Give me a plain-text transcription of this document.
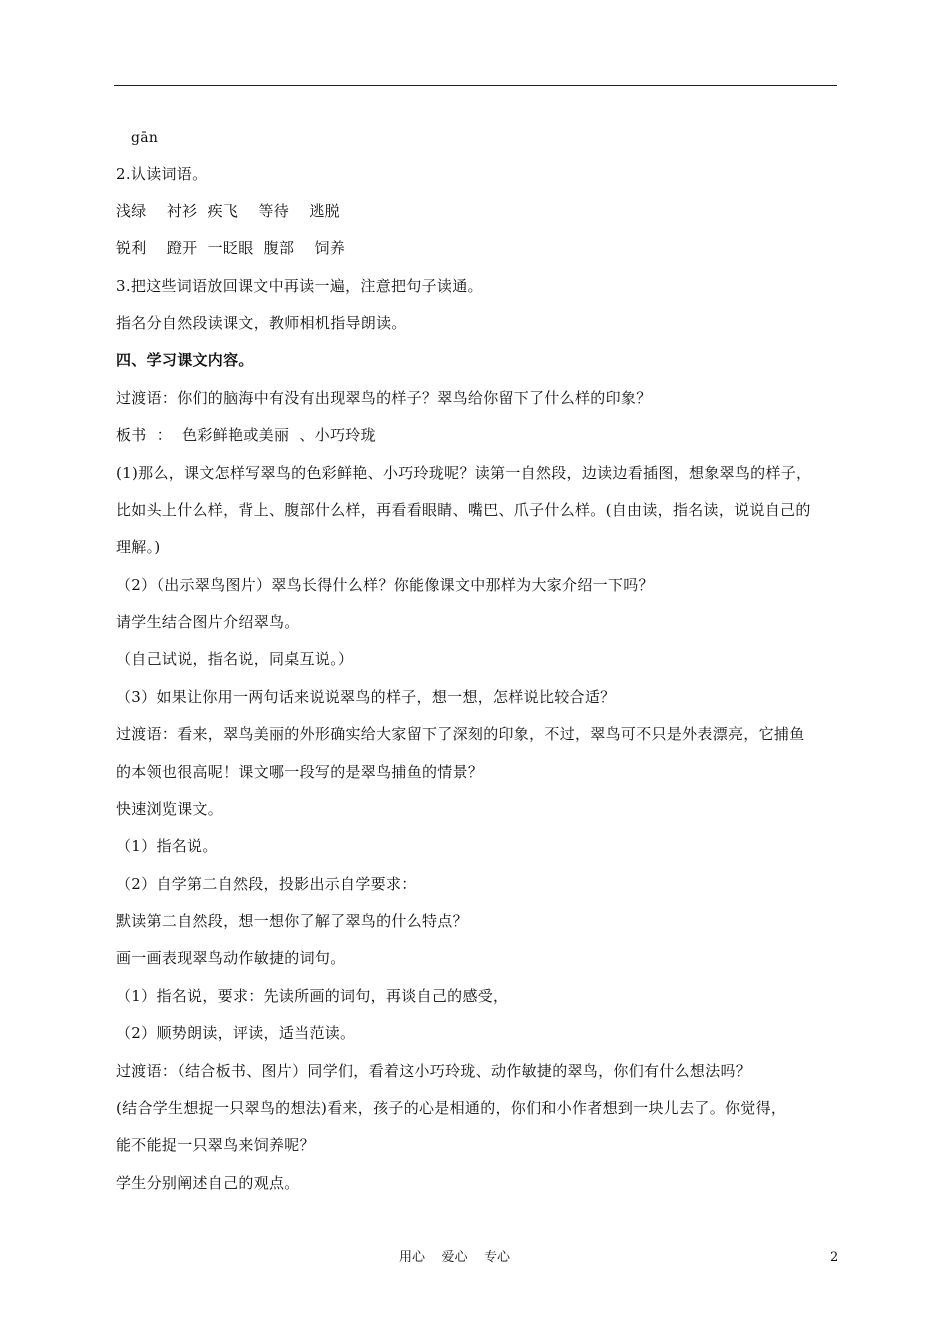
gān
2.认读词语。
浅绿    衬衫  疾飞    等待    逃脱
锐利    蹬开  一眨眼  腹部    饲养
3.把这些词语放回课文中再读一遍，注意把句子读通。
指名分自然段读课文，教师相机指导朗读。
四、学习课文内容。
过渡语：你们的脑海中有没有出现翠鸟的样子？翠鸟给你留下了什么样的印象？
板书  ：  色彩鲜艳或美丽  、小巧玲珑
(1)那么，课文怎样写翠鸟的色彩鲜艳、小巧玲珑呢？读第一自然段，边读边看插图，想象翠鸟的样子，
比如头上什么样，背上、腹部什么样，再看看眼睛、嘴巴、爪子什么样。(自由读，指名读，说说自己的
理解。)
（2）（出示翠鸟图片）翠鸟长得什么样？你能像课文中那样为大家介绍一下吗？
请学生结合图片介绍翠鸟。
（自己试说，指名说，同桌互说。）
（3）如果让你用一两句话来说说翠鸟的样子，想一想，怎样说比较合适？
过渡语：看来，翠鸟美丽的外形确实给大家留下了深刻的印象，不过，翠鸟可不只是外表漂亮，它捕鱼
的本领也很高呢！课文哪一段写的是翠鸟捕鱼的情景？
快速浏览课文。
（1）指名说。
（2）自学第二自然段，投影出示自学要求：
默读第二自然段，想一想你了解了翠鸟的什么特点？
画一画表现翠鸟动作敏捷的词句。
（1）指名说，要求：先读所画的词句，再谈自己的感受，
（2）顺势朗读，评读，适当范读。
过渡语：（结合板书、图片）同学们，看着这小巧玲珑、动作敏捷的翠鸟，你们有什么想法吗？
(结合学生想捉一只翠鸟的想法)看来，孩子的心是相通的，你们和小作者想到一块儿去了。你觉得，
能不能捉一只翠鸟来饲养呢？
学生分别阐述自己的观点。
用心    爱心    专心	2
